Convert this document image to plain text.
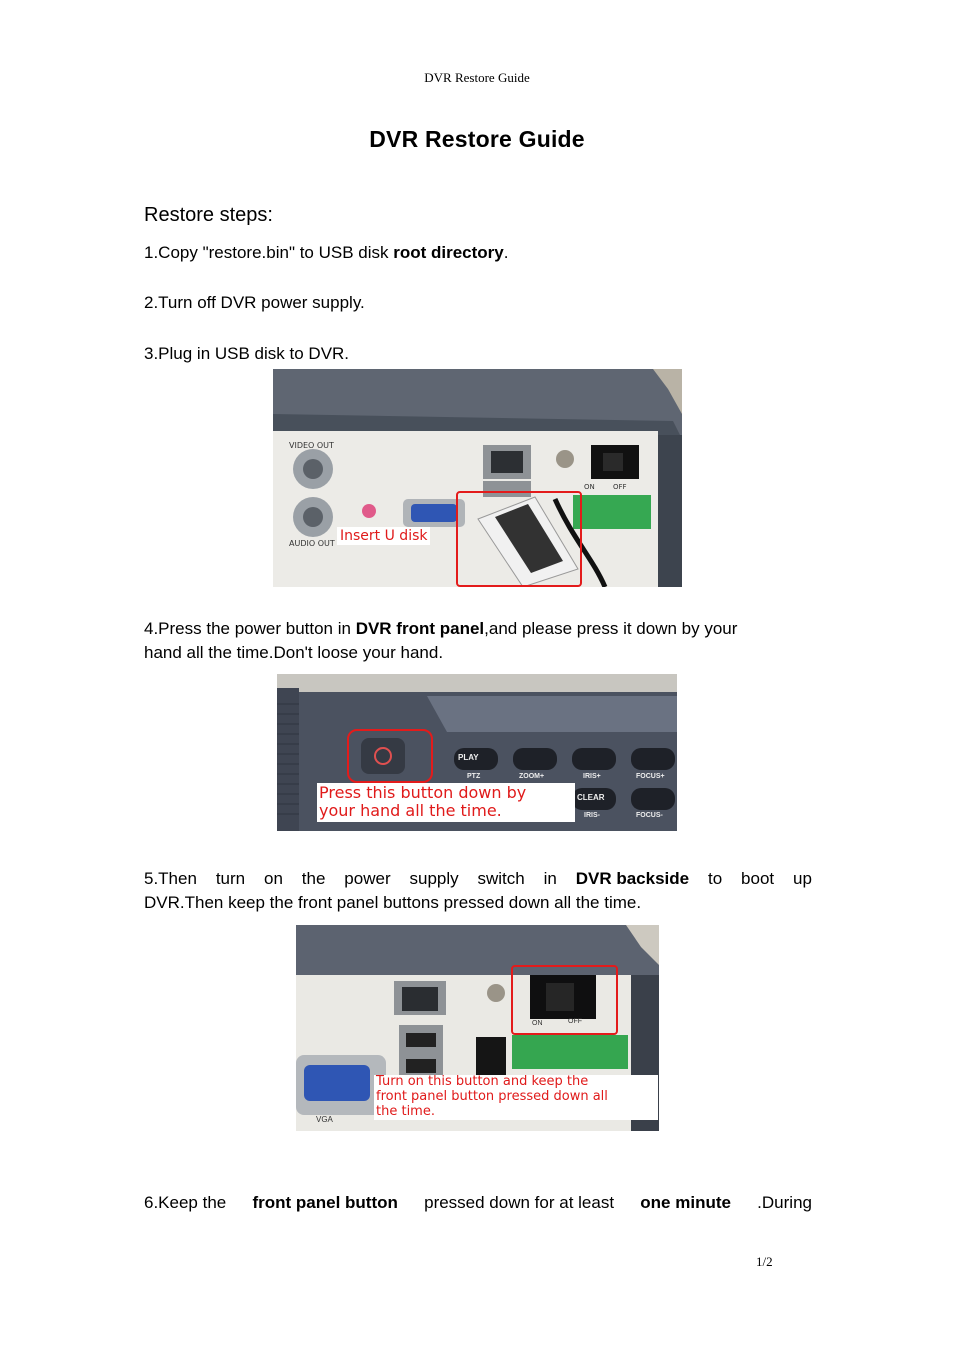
DVR Restore Guide
DVR Restore Guide
Restore steps:
1.Copy "restore.bin" to USB disk root directory.
2.Turn off DVR power supply.
3.Plug in USB disk to DVR.
VIDEO OUT
AUDIO OUT
ON	OFF
Insert U disk
4.Press the power button in DVR front panel,and please press it down by your
hand all the time.Don't loose your hand.
PLAY
PTZ	ZOOM+	IRIS+	FOCUS+
CLEAR
IRIS-	FOCUS-
Press this button down by
your hand all the time.
5.Then turn on the power supply switch in DVR backside to boot up
DVR.Then keep the front panel buttons pressed down all the time.
ON	OFF
VGA
Turn on this button and keep the
front panel button pressed down all
the time.
6.Keep the front panel button pressed down for at least one minute .During
1/2
